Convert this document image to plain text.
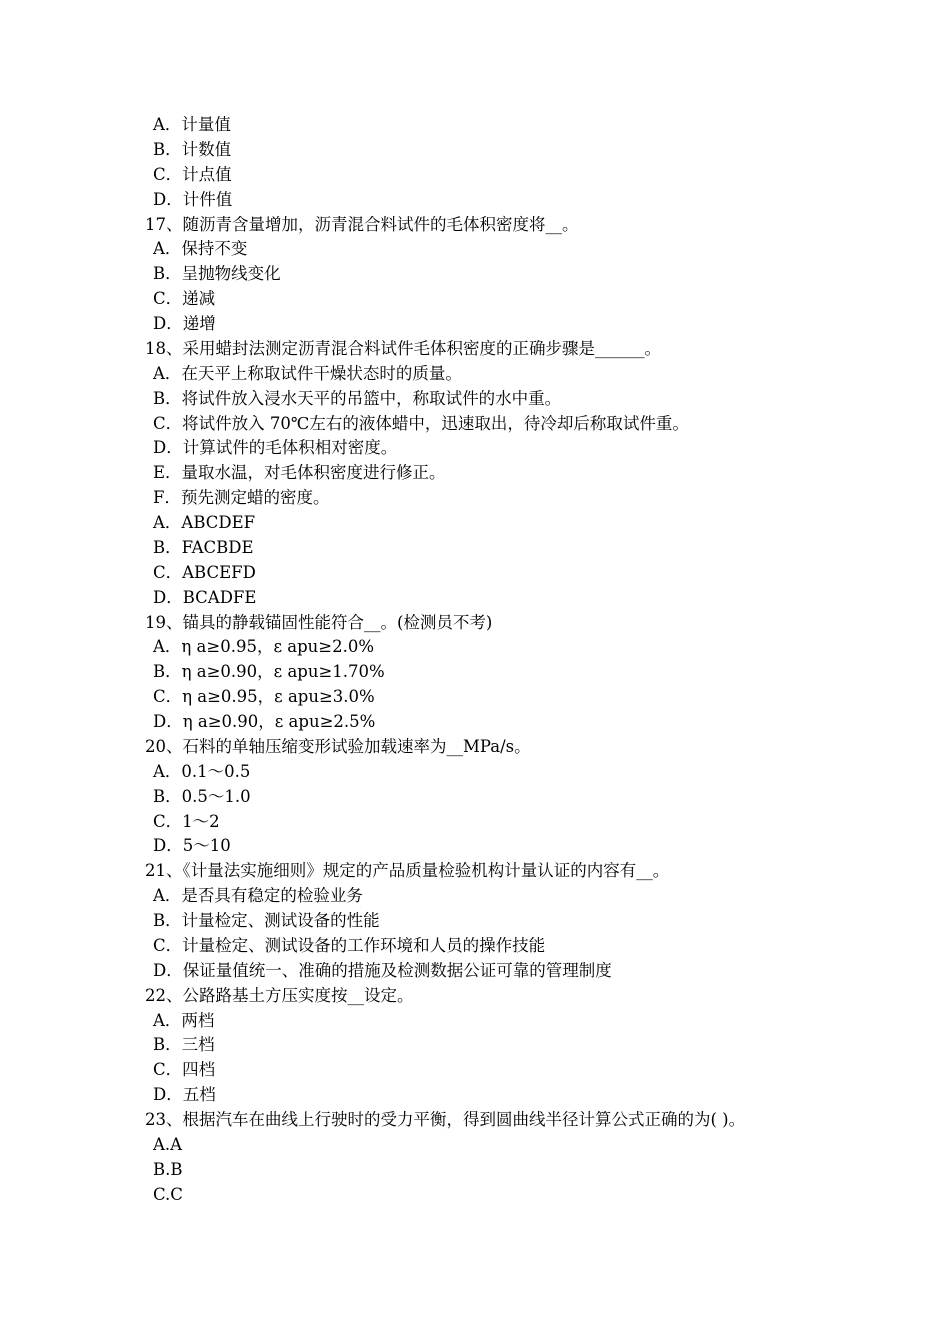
A．计量值
B．计数值
C．计点值
D．计件值
17、随沥青含量增加，沥青混合料试件的毛体积密度将__。
A．保持不变
B．呈抛物线变化
C．递减
D．递增
18、采用蜡封法测定沥青混合料试件毛体积密度的正确步骤是______。
A．在天平上称取试件干燥状态时的质量。
B．将试件放入浸水天平的吊篮中，称取试件的水中重。
C．将试件放入 70℃左右的液体蜡中，迅速取出，待冷却后称取试件重。
D．计算试件的毛体积相对密度。
E．量取水温，对毛体积密度进行修正。
F．预先测定蜡的密度。
A．ABCDEF
B．FACBDE
C．ABCEFD
D．BCADFE
19、锚具的静载锚固性能符合__。(检测员不考)
A．η a≥0.95，ε apu≥2.0%
B．η a≥0.90，ε apu≥1.70%
C．η a≥0.95，ε apu≥3.0%
D．η a≥0.90，ε apu≥2.5%
20、石料的单轴压缩变形试验加载速率为__MPa/s。
A．0.1～0.5
B．0.5～1.0
C．1～2
D．5～10
21、《计量法实施细则》规定的产品质量检验机构计量认证的内容有__。
A．是否具有稳定的检验业务
B．计量检定、测试设备的性能
C．计量检定、测试设备的工作环境和人员的操作技能
D．保证量值统一、准确的措施及检测数据公证可靠的管理制度
22、公路路基土方压实度按__设定。
A．两档
B．三档
C．四档
D．五档
23、根据汽车在曲线上行驶时的受力平衡，得到圆曲线半径计算公式正确的为( )。
A.A
B.B
C.C
